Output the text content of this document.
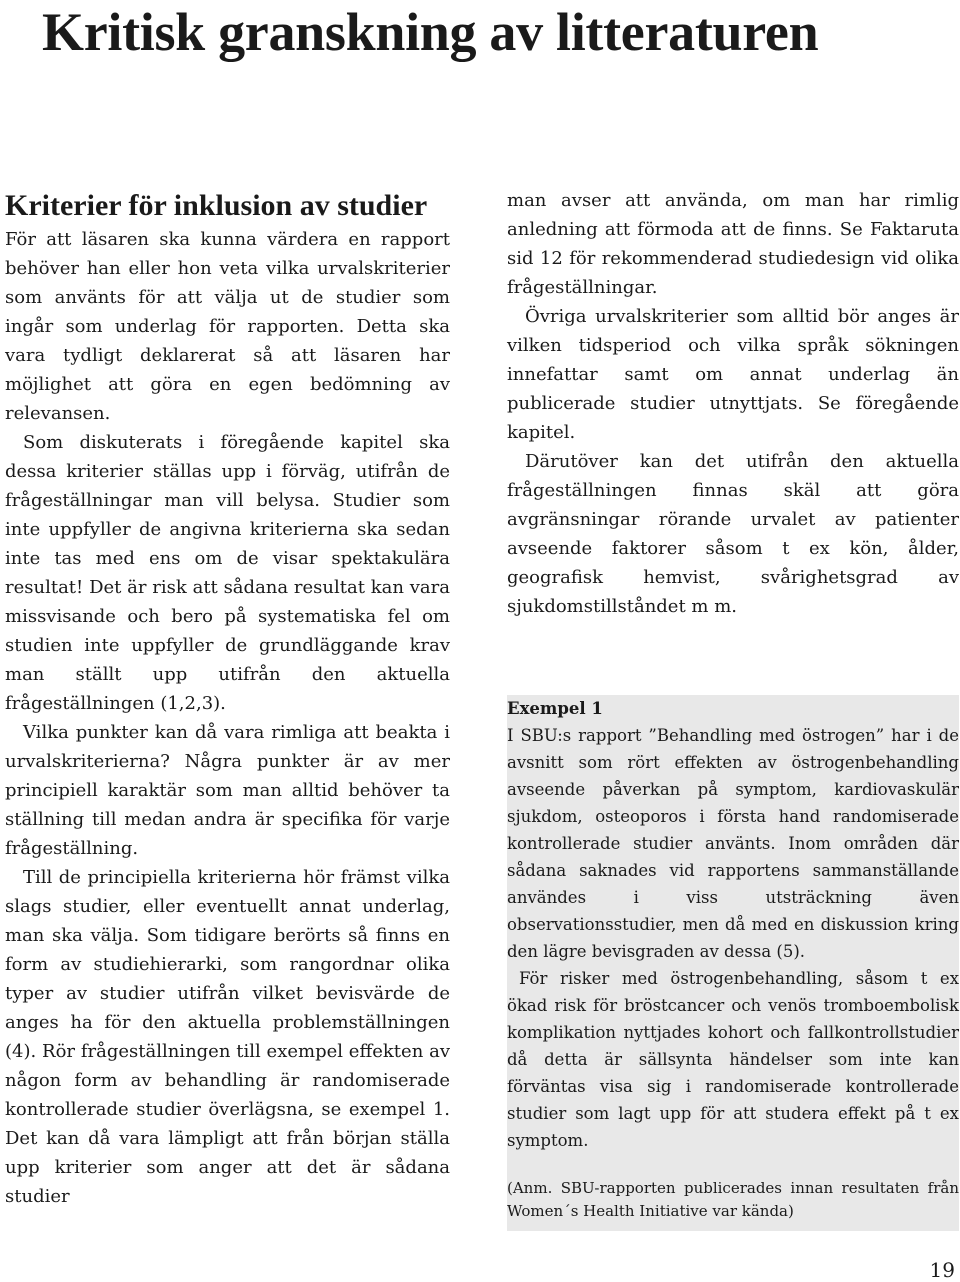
Kritisk granskning av litteraturen
Kriterier för inklusion av studier

För att läsaren ska kunna värdera en rapport behöver han eller hon veta vilka urvalskriterier som använts för att välja ut de studier som ingår som underlag för rapporten. Detta ska vara tydligt deklarerat så att läsaren har möjlighet att göra en egen bedömning av relevansen.

Som diskuterats i föregående kapitel ska dessa kriterier ställas upp i förväg, utifrån de frågeställningar man vill belysa. Studier som inte uppfyller de angivna kriterierna ska sedan inte tas med ens om de visar spektakulära resultat! Det är risk att sådana resultat kan vara missvisande och bero på systematiska fel om studien inte uppfyller de grundläggande krav man ställt upp utifrån den aktuella frågeställningen (1,2,3).

Vilka punkter kan då vara rimliga att beakta i urvalskriterierna? Några punkter är av mer principiell karaktär som man alltid behöver ta ställning till medan andra är specifika för varje frågeställning.

Till de principiella kriterierna hör främst vilka slags studier, eller eventuellt annat underlag, man ska välja. Som tidigare berörts så finns en form av studiehierarki, som rangordnar olika typer av studier utifrån vilket bevisvärde de anges ha för den aktuella problemställningen (4). Rör frågeställningen till exempel effekten av någon form av behandling är randomiserade kontrollerade studier överlägsna, se exempel 1. Det kan då vara lämpligt att från början ställa upp kriterier som anger att det är sådana studier

man avser att använda, om man har rimlig anledning att förmoda att de finns. Se Faktaruta sid 12 för rekommenderad studiedesign vid olika frågeställningar.

Övriga urvalskriterier som alltid bör anges är vilken tidsperiod och vilka språk sökningen innefattar samt om annat underlag än publicerade studier utnyttjats. Se föregående kapitel.

Därutöver kan det utifrån den aktuella frågeställningen finnas skäl att göra avgränsningar rörande urvalet av patienter avseende faktorer såsom t ex kön, ålder, geografisk hemvist, svårighetsgrad av sjukdomstillståndet m m.

Exempel 1

I SBU:s rapport ”Behandling med östrogen” har i de avsnitt som rört effekten av östrogenbehandling avseende påverkan på symptom, kardiovaskulär sjukdom, osteoporos i första hand randomiserade kontrollerade studier använts. Inom områden där sådana saknades vid rapportens sammanställande användes i viss utsträckning även observationsstudier, men då med en diskussion kring den lägre bevisgraden av dessa (5).

För risker med östrogenbehandling, såsom t ex ökad risk för bröstcancer och venös tromboembolisk komplikation nyttjades kohort och fallkontrollstudier då detta är sällsynta händelser som inte kan förväntas visa sig i randomiserade kontrollerade studier som lagt upp för att studera effekt på t ex symptom.

(Anm. SBU-rapporten publicerades innan resultaten från Women´s Health Initiative var kända)

19
